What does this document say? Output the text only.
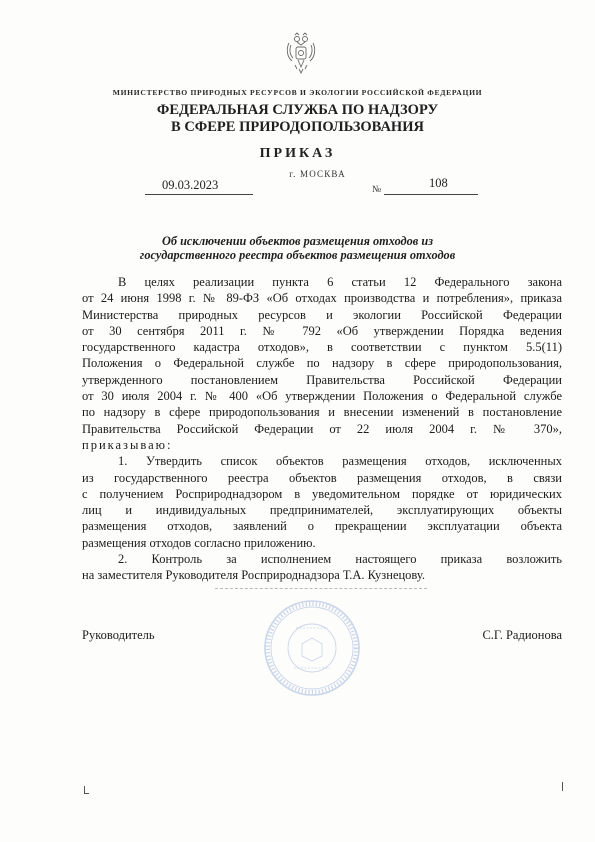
МИНИСТЕРСТВО ПРИРОДНЫХ РЕСУРСОВ И ЭКОЛОГИИ РОССИЙСКОЙ ФЕДЕРАЦИИ
ФЕДЕРАЛЬНАЯ СЛУЖБА ПО НАДЗОРУ
В СФЕРЕ ПРИРОДОПОЛЬЗОВАНИЯ
ПРИКАЗ
г. МОСКВА
09.03.2023	№	108
Об исключении объектов размещения отходов из
государственного реестра объектов размещения отходов
В целях реализации пункта 6 статьи 12 Федерального закона
от 24 июня 1998 г. № 89-ФЗ «Об отходах производства и потребления», приказа
Министерства природных ресурсов и экологии Российской Федерации
от 30 сентября 2011 г. № 792 «Об утверждении Порядка ведения
государственного кадастра отходов», в соответствии с пунктом 5.5(11)
Положения о Федеральной службе по надзору в сфере природопользования,
утвержденного постановлением Правительства Российской Федерации
от 30 июля 2004 г. № 400 «Об утверждении Положения о Федеральной службе
по надзору в сфере природопользования и внесении изменений в постановление
Правительства Российской Федерации от 22 июля 2004 г. № 370»,
приказываю:
1. Утвердить список объектов размещения отходов, исключенных
из государственного реестра объектов размещения отходов, в связи
с получением Росприроднадзором в уведомительном порядке от юридических
лиц и индивидуальных предпринимателей, эксплуатирующих объекты
размещения отходов, заявлений о прекращении эксплуатации объекта
размещения отходов согласно приложению.
2. Контроль за исполнением настоящего приказа возложить
на заместителя Руководителя Росприроднадзора Т.А. Кузнецову.
Руководитель	С.Г. Радионова
